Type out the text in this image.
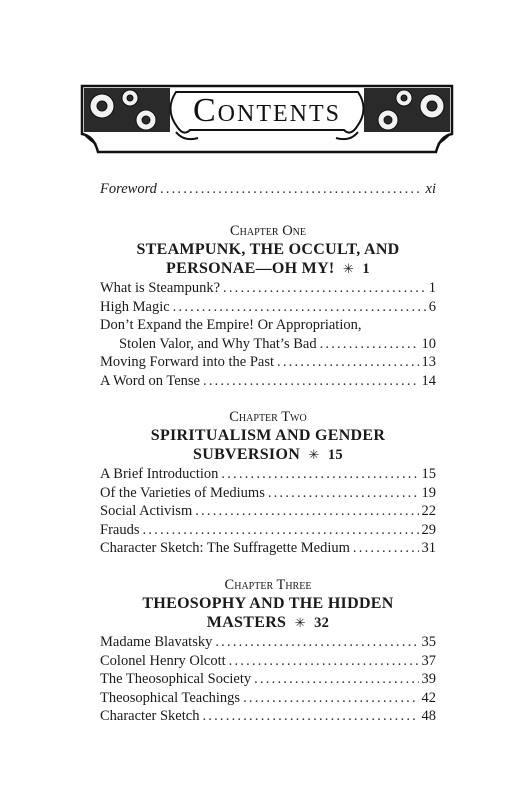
Contents
Foreword .....	xi
Chapter One
STEAMPUNK, THE OCCULT, AND
PERSONAE—OH MY! ✳ 1
What is Steampunk? .....	1
High Magic .....	6
Don’t Expand the Empire! Or Appropriation,
Stolen Valor, and Why That’s Bad .....	10
Moving Forward into the Past .....	13
A Word on Tense .....	14
Chapter Two
SPIRITUALISM AND GENDER
SUBVERSION ✳ 15
A Brief Introduction .....	15
Of the Varieties of Mediums .....	19
Social Activism .....	22
Frauds .....	29
Character Sketch: The Suffragette Medium .....	31
Chapter Three
THEOSOPHY AND THE HIDDEN
MASTERS ✳ 32
Madame Blavatsky .....	35
Colonel Henry Olcott .....	37
The Theosophical Society .....	39
Theosophical Teachings .....	42
Character Sketch .....	48
